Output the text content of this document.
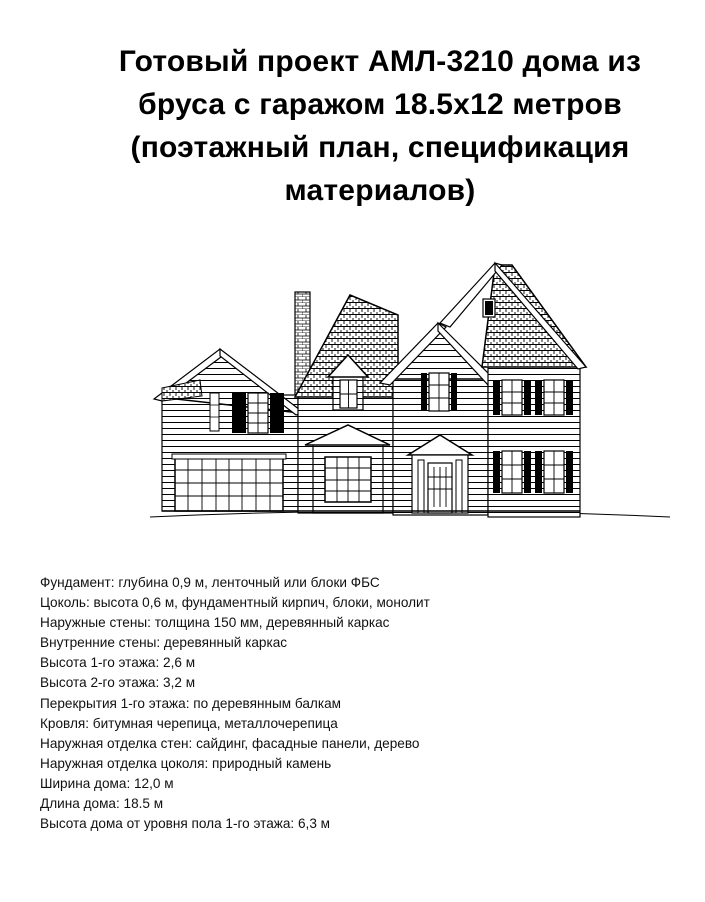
Готовый проект АМЛ-3210 дома из
бруса с гаражом 18.5х12 метров
(поэтажный план, спецификация
материалов)
Фундамент: глубина 0,9 м, ленточный или блоки ФБС
Цоколь: высота 0,6 м, фундаментный кирпич, блоки, монолит
Наружные стены: толщина 150 мм, деревянный каркас
Внутренние стены: деревянный каркас
Высота 1-го этажа: 2,6 м
Высота 2-го этажа: 3,2 м
Перекрытия 1-го этажа: по деревянным балкам
Кровля: битумная черепица, металлочерепица
Наружная отделка стен: сайдинг, фасадные панели, дерево
Наружная отделка цоколя: природный камень
Ширина дома: 12,0 м
Длина дома: 18.5 м
Высота дома от уровня пола 1-го этажа: 6,3 м
